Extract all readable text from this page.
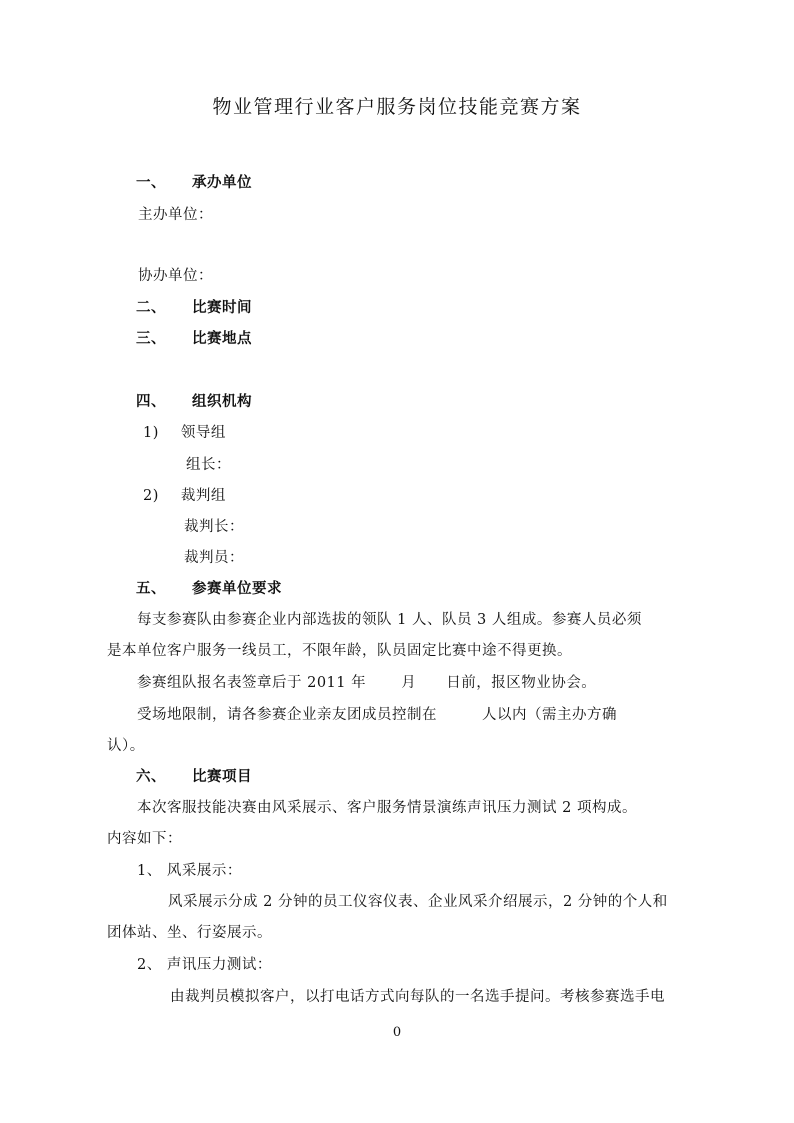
物业管理行业客户服务岗位技能竞赛方案
一、 承办单位
主办单位：
协办单位：
二、 比赛时间
三、 比赛地点
四、 组织机构
1) 领导组
组长：
2) 裁判组
裁判长：
裁判员：
五、 参赛单位要求
每支参赛队由参赛企业内部选拔的领队 1 人、队员 3 人组成。参赛人员必须
是本单位客户服务一线员工，不限年龄，队员固定比赛中途不得更换。
参赛组队报名表签章后于 2011 年　　 月　　日前，报区物业协会。
受场地限制，请各参赛企业亲友团成员控制在　　　人以内（需主办方确
认）。
六、 比赛项目
本次客服技能决赛由风采展示、客户服务情景演练声讯压力测试 2 项构成。
内容如下：
1、 风采展示：
风采展示分成 2 分钟的员工仪容仪表、企业风采介绍展示，2 分钟的个人和
团体站、坐、行姿展示。
2、 声讯压力测试：
由裁判员模拟客户，以打电话方式向每队的一名选手提问。考核参赛选手电
0
